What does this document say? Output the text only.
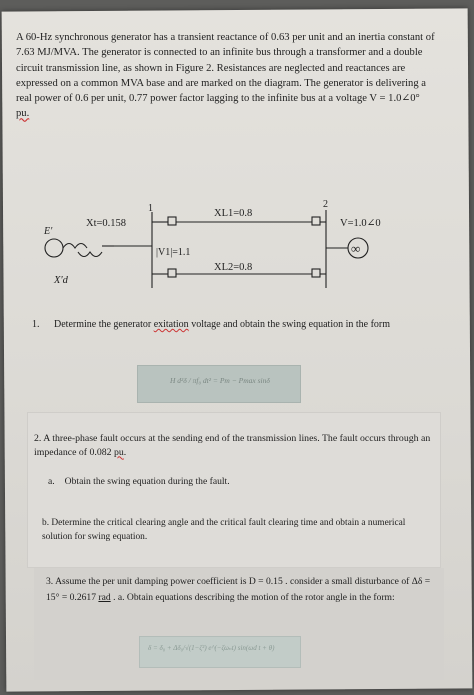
A 60-Hz synchronous generator has a transient reactance of 0.63 per unit and an inertia constant of 7.63 MJ/MVA. The generator is connected to an infinite bus through a transformer and a double circuit transmission line, as shown in Figure 2. Resistances are neglected and reactances are expressed on a common MVA base and are marked on the diagram. The generator is delivering a real power of 0.6 per unit, 0.77 power factor lagging to the infinite bus at a voltage V = 1.0∠0°
pu.
E'
Xt=0.158
1	2
XL1=0.8
XL2=0.8
|V1|=1.1
V=1.0∠0
∞
X'd
1.	Determine the generator exitation voltage and obtain the swing equation in the form
H d²δ / πf₀ dt² = Pm − Pmax sinδ
2. A three-phase fault occurs at the sending end of the transmission lines. The fault occurs through an impedance of 0.082 pu.
a. Obtain the swing equation during the fault.
b. Determine the critical clearing angle and the critical fault clearing time and obtain a numerical solution for swing equation.
3. Assume the per unit damping power coefficient is D = 0.15 . consider a small disturbance of Δδ = 15° = 0.2617 rad . a. Obtain equations describing the motion of the rotor angle in the form:
δ = δ₀ + Δδ₀/√(1−ζ²) e^(−ζωₙt) sin(ωd t + θ)
